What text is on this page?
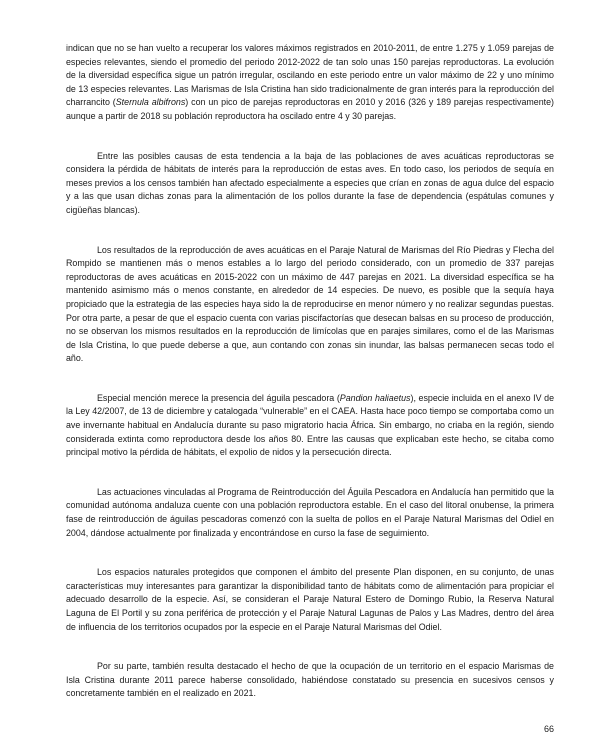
indican que no se han vuelto a recuperar los valores máximos registrados en 2010-2011, de entre 1.275 y 1.059 parejas de especies relevantes, siendo el promedio del periodo 2012-2022 de tan solo unas 150 parejas reproductoras. La evolución de la diversidad específica sigue un patrón irregular, oscilando en este periodo entre un valor máximo de 22 y uno mínimo de 13 especies relevantes. Las Marismas de Isla Cristina han sido tradicionalmente de gran interés para la reproducción del charrancito (Sternula albifrons) con un pico de parejas reproductoras en 2010 y 2016 (326 y 189 parejas respectivamente) aunque a partir de 2018 su población reproductora ha oscilado entre 4 y 30 parejas.

Entre las posibles causas de esta tendencia a la baja de las poblaciones de aves acuáticas reproductoras se considera la pérdida de hábitats de interés para la reproducción de estas aves. En todo caso, los periodos de sequía en meses previos a los censos también han afectado especialmente a especies que crían en zonas de agua dulce del espacio y a las que usan dichas zonas para la alimentación de los pollos durante la fase de dependencia (espátulas comunes y cigüeñas blancas).

Los resultados de la reproducción de aves acuáticas en el Paraje Natural de Marismas del Río Piedras y Flecha del Rompido se mantienen más o menos estables a lo largo del periodo considerado, con un promedio de 337 parejas reproductoras de aves acuáticas en 2015-2022 con un máximo de 447 parejas en 2021. La diversidad específica se ha mantenido asimismo más o menos constante, en alrededor de 14 especies. De nuevo, es posible que la sequía haya propiciado que la estrategia de las especies haya sido la de reproducirse en menor número y no realizar segundas puestas. Por otra parte, a pesar de que el espacio cuenta con varias piscifactorías que desecan balsas en su proceso de producción, no se observan los mismos resultados en la reproducción de limícolas que en parajes similares, como el de las Marismas de Isla Cristina, lo que puede deberse a que, aun contando con zonas sin inundar, las balsas permanecen secas todo el año.

Especial mención merece la presencia del águila pescadora (Pandion haliaetus), especie incluida en el anexo IV de la Ley 42/2007, de 13 de diciembre y catalogada “vulnerable” en el CAEA. Hasta hace poco tiempo se comportaba como un ave invernante habitual en Andalucía durante su paso migratorio hacia África. Sin embargo, no criaba en la región, siendo considerada extinta como reproductora desde los años 80. Entre las causas que explicaban este hecho, se citaba como principal motivo la pérdida de hábitats, el expolio de nidos y la persecución directa.

Las actuaciones vinculadas al Programa de Reintroducción del Águila Pescadora en Andalucía han permitido que la comunidad autónoma andaluza cuente con una población reproductora estable. En el caso del litoral onubense, la primera fase de reintroducción de águilas pescadoras comenzó con la suelta de pollos en el Paraje Natural Marismas del Odiel en 2004, dándose actualmente por finalizada y encontrándose en curso la fase de seguimiento.

Los espacios naturales protegidos que componen el ámbito del presente Plan disponen, en su conjunto, de unas características muy interesantes para garantizar la disponibilidad tanto de hábitats como de alimentación para propiciar el adecuado desarrollo de la especie. Así, se consideran el Paraje Natural Estero de Domingo Rubio, la Reserva Natural Laguna de El Portil y su zona periférica de protección y el Paraje Natural Lagunas de Palos y Las Madres, dentro del área de influencia de los territorios ocupados por la especie en el Paraje Natural Marismas del Odiel.

Por su parte, también resulta destacado el hecho de que la ocupación de un territorio en el espacio Marismas de Isla Cristina durante 2011 parece haberse consolidado, habiéndose constatado su presencia en sucesivos censos y concretamente también en el realizado en 2021.

66
